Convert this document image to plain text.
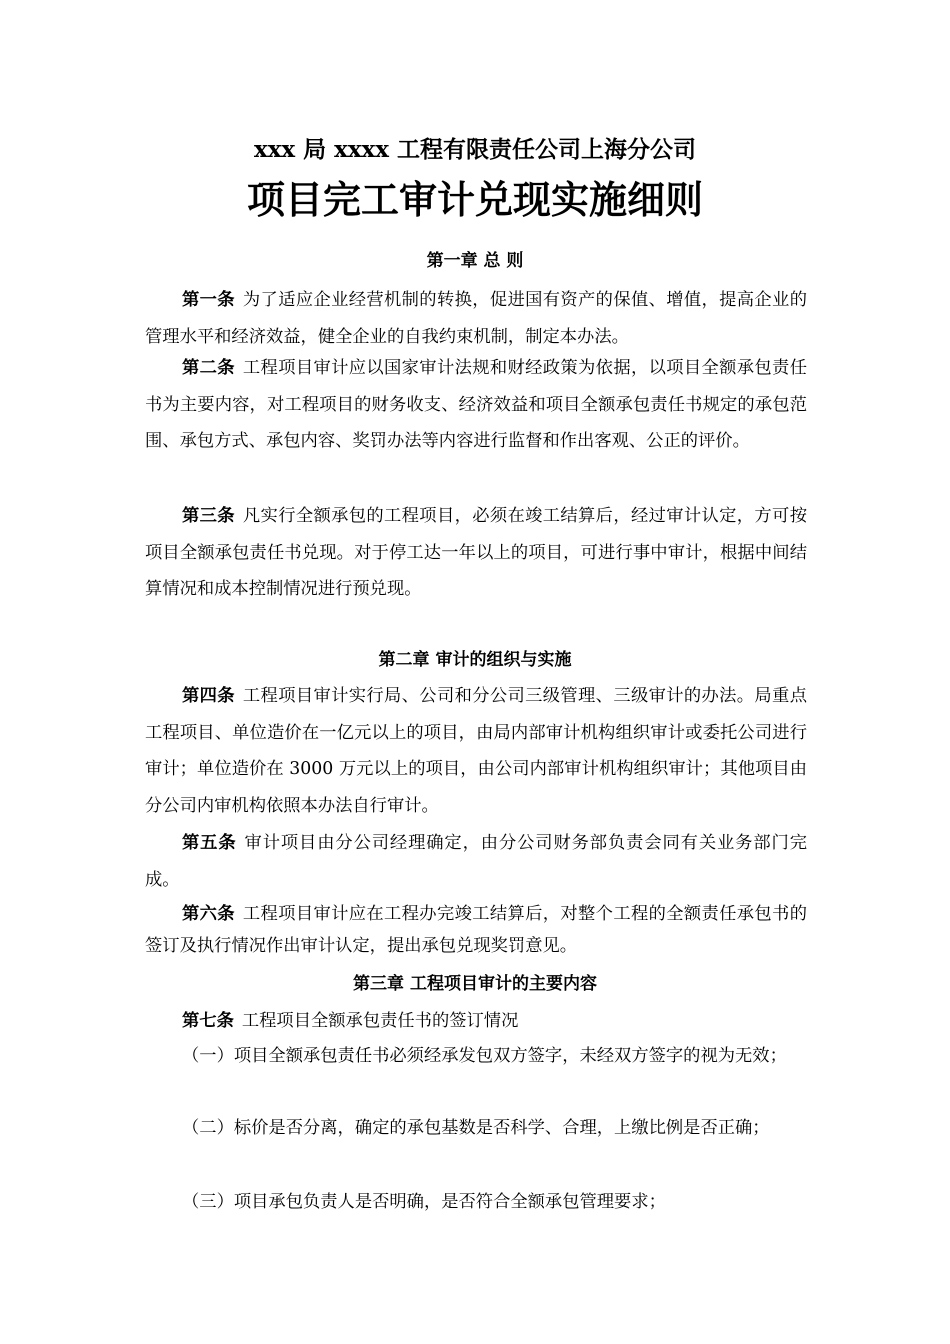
xxx 局 xxxx 工程有限责任公司上海分公司
项目完工审计兑现实施细则
第一章 总 则
第一条 为了适应企业经营机制的转换，促进国有资产的保值、增值，提高企业的管理水平和经济效益，健全企业的自我约束机制，制定本办法。
第二条 工程项目审计应以国家审计法规和财经政策为依据，以项目全额承包责任书为主要内容，对工程项目的财务收支、经济效益和项目全额承包责任书规定的承包范围、承包方式、承包内容、奖罚办法等内容进行监督和作出客观、公正的评价。
第三条 凡实行全额承包的工程项目，必须在竣工结算后，经过审计认定，方可按项目全额承包责任书兑现。对于停工达一年以上的项目，可进行事中审计，根据中间结算情况和成本控制情况进行预兑现。
第二章 审计的组织与实施
第四条 工程项目审计实行局、公司和分公司三级管理、三级审计的办法。局重点工程项目、单位造价在一亿元以上的项目，由局内部审计机构组织审计或委托公司进行审计；单位造价在 3000 万元以上的项目，由公司内部审计机构组织审计；其他项目由分公司内审机构依照本办法自行审计。
第五条 审计项目由分公司经理确定，由分公司财务部负责会同有关业务部门完成。
第六条 工程项目审计应在工程办完竣工结算后，对整个工程的全额责任承包书的签订及执行情况作出审计认定，提出承包兑现奖罚意见。
第三章 工程项目审计的主要内容
第七条 工程项目全额承包责任书的签订情况
（一）项目全额承包责任书必须经承发包双方签字，未经双方签字的视为无效；
（二）标价是否分离，确定的承包基数是否科学、合理，上缴比例是否正确；
（三）项目承包负责人是否明确，是否符合全额承包管理要求；
